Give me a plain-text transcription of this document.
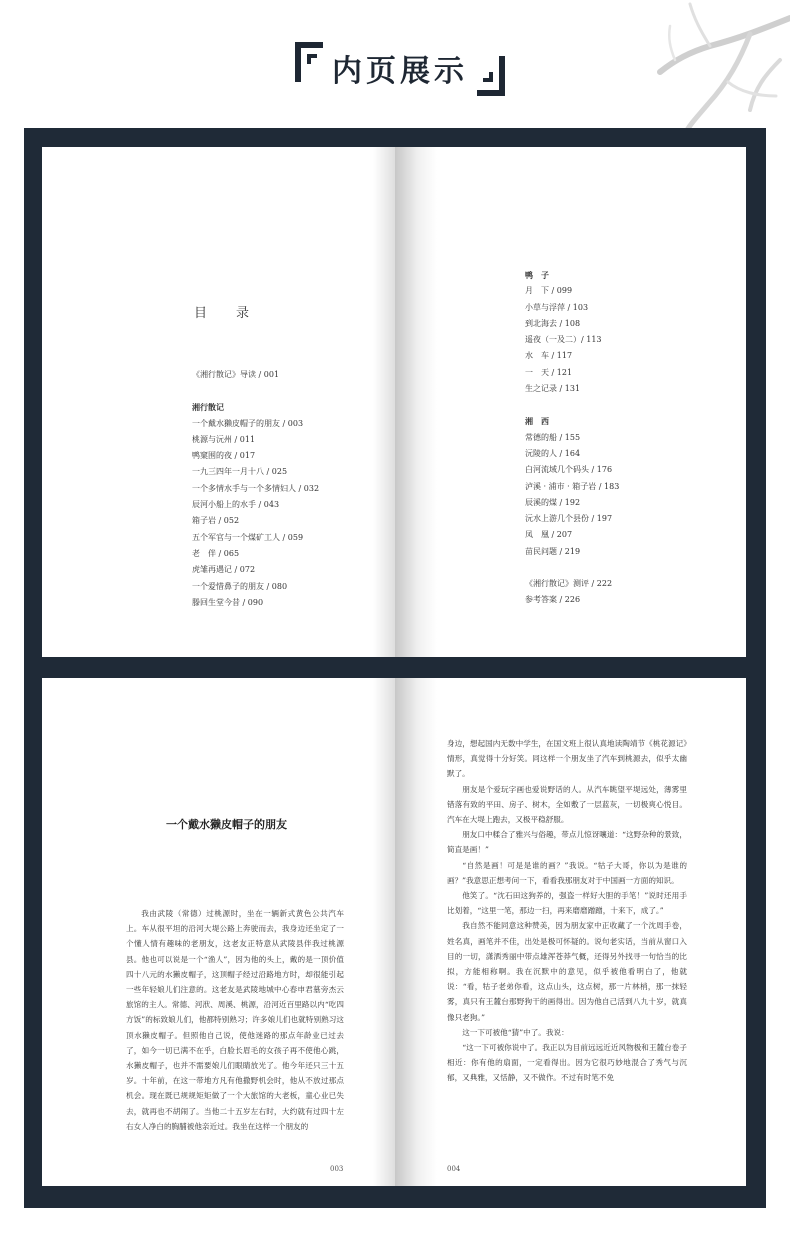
内页展示
目　录
《湘行散记》导读 / 001
湘行散记
一个戴水獭皮帽子的朋友 / 003
桃源与沅州 / 011
鸭窠围的夜 / 017
一九三四年一月十八 / 025
一个多情水手与一个多情妇人 / 032
辰河小船上的水手 / 043
箱子岩 / 052
五个军官与一个煤矿工人 / 059
老　伴 / 065
虎雏再遇记 / 072
一个爱惜鼻子的朋友 / 080
滕回生堂今昔 / 090
鸭　子
月　下 / 099
小草与浮萍 / 103
到北海去 / 108
遥夜（一及二）/ 113
水　车 / 117
一　天 / 121
生之记录 / 131
湘　西
常德的船 / 155
沅陵的人 / 164
白河流域几个码头 / 176
泸溪 · 浦市 · 箱子岩 / 183
辰溪的煤 / 192
沅水上游几个县份 / 197
凤　凰 / 207
苗民问题 / 219
《湘行散记》测评 / 222
参考答案 / 226
一个戴水獭皮帽子的朋友

我由武陵（常德）过桃源时，坐在一辆新式黄色公共汽车上。车从很平坦的沿河大堤公路上奔驶而去，我身边还坐定了一个懂人情有趣味的老朋友，这老友正特意从武陵县伴我过桃源县。他也可以说是一个“渔人”，因为他的头上，戴的是一顶价值四十八元的水獭皮帽子，这顶帽子经过沿路地方时，却很能引起一些年轻娘儿们注意的。这老友是武陵地城中心春申君墓旁杰云旅馆的主人。常德、河洑、周溪、桃源，沿河近百里路以内“吃四方饭”的标致娘儿们，他都特别熟习；许多娘儿们也就特别熟习这顶水獭皮帽子。但照他自己说，使他迷路的那点年龄业已过去了，如今一切已满不在乎，白脸长眉毛的女孩子再不使他心跳，水獭皮帽子，也并不需要娘儿们眼睛放光了。他今年还只三十五岁。十年前，在这一带地方凡有他撒野机会时，他从不放过那点机会。现在既已规规矩矩做了一个大旅馆的大老板，童心业已失去，就再也不胡闹了。当他二十五岁左右时，大约就有过四十左右女人净白的胸脯被他亲近过。我坐在这样一个朋友的

003

身边，想起国内无数中学生，在国文班上很认真地读陶靖节《桃花源记》情形，真觉得十分好笑。同这样一个朋友坐了汽车到桃源去，似乎太幽默了。

朋友是个爱玩字画也爱说野话的人。从汽车眺望平堤远处，薄雾里错落有致的平田、房子、树木，全如敷了一层蓝灰，一切极爽心悦目。汽车在大堤上跑去，又极平稳舒服。

朋友口中糅合了雅兴与俗趣，带点儿惊讶嚷道：“这野杂种的景致，简直是画！”

“自然是画！可是是谁的画？”我说。“牯子大哥，你以为是谁的画？”我意思正想考问一下，看看我那朋友对于中国画一方面的知识。

他笑了。“沈石田这狗养的，强盗一样好大胆的手笔！”说时还用手比划着，“这里一笔，那边一扫，再来磨磨蹭蹭，十来下，成了。”

我自然不能同意这种赞美，因为朋友家中正收藏了一个沈周手卷，姓名真，画笔并不佳，出处是极可怀疑的。说句老实话，当前从窗口入目的一切，潇洒秀丽中带点雄浑苍莽气概，还得另外找寻一句恰当的比拟，方能相称啊。我在沉默中的意见，似乎被他看明白了，他就说：“看，牯子老弟你看，这点山头，这点树，那一片林梢，那一抹轻雾，真只有王麓台那野狗干的画得出。因为他自己活到八九十岁，就真像只老狗。”

这一下可被他“猜”中了。我说：

“这一下可被你说中了。我正以为目前远远近近风物极和王麓台卷子相近：你有他的扇面，一定看得出。因为它很巧妙地混合了秀气与沉郁，又典雅，又恬静，又不做作。不过有时笔不免

004
